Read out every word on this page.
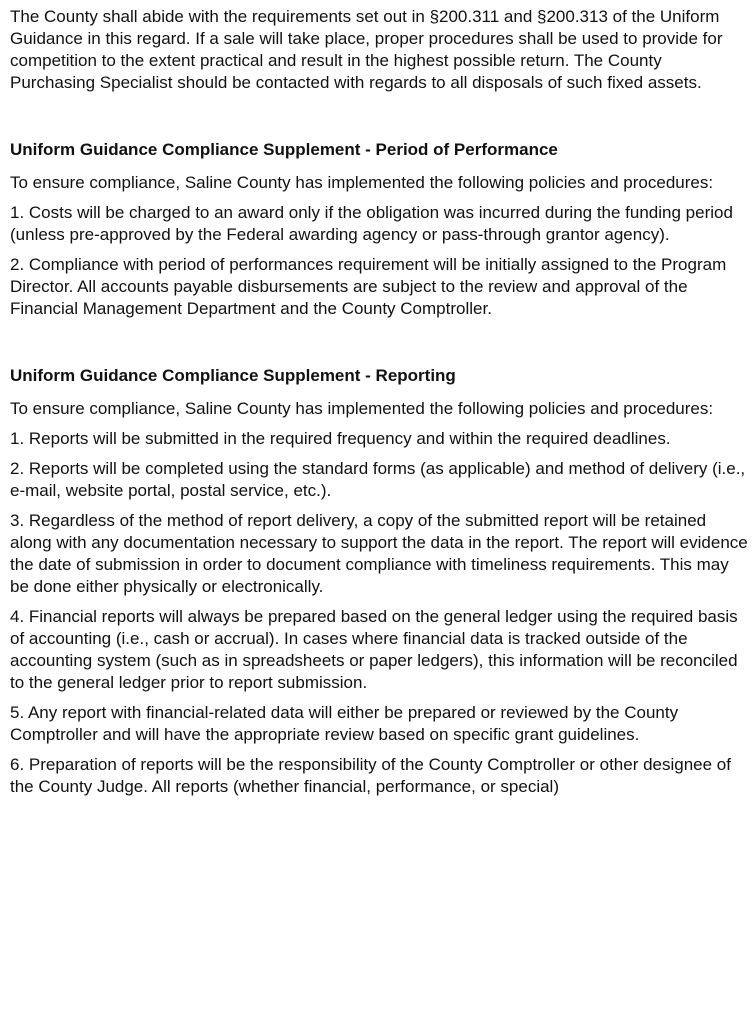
The County shall abide with the requirements set out in §200.311 and §200.313 of the Uniform Guidance in this regard. If a sale will take place, proper procedures shall be used to provide for competition to the extent practical and result in the highest possible return. The County Purchasing Specialist should be contacted with regards to all disposals of such fixed assets.

Uniform Guidance Compliance Supplement - Period of Performance

To ensure compliance, Saline County has implemented the following policies and procedures:

1. Costs will be charged to an award only if the obligation was incurred during the funding period (unless pre-approved by the Federal awarding agency or pass-through grantor agency).

2. Compliance with period of performances requirement will be initially assigned to the Program Director. All accounts payable disbursements are subject to the review and approval of the Financial Management Department and the County Comptroller.

Uniform Guidance Compliance Supplement - Reporting

To ensure compliance, Saline County has implemented the following policies and procedures:

1. Reports will be submitted in the required frequency and within the required deadlines.

2. Reports will be completed using the standard forms (as applicable) and method of delivery (i.e., e-mail, website portal, postal service, etc.).

3. Regardless of the method of report delivery, a copy of the submitted report will be retained along with any documentation necessary to support the data in the report. The report will evidence the date of submission in order to document compliance with timeliness requirements. This may be done either physically or electronically.

4. Financial reports will always be prepared based on the general ledger using the required basis of accounting (i.e., cash or accrual). In cases where financial data is tracked outside of the accounting system (such as in spreadsheets or paper ledgers), this information will be reconciled to the general ledger prior to report submission.

5. Any report with financial-related data will either be prepared or reviewed by the County Comptroller and will have the appropriate review based on specific grant guidelines.

6. Preparation of reports will be the responsibility of the County Comptroller or other designee of the County Judge. All reports (whether financial, performance, or special)
